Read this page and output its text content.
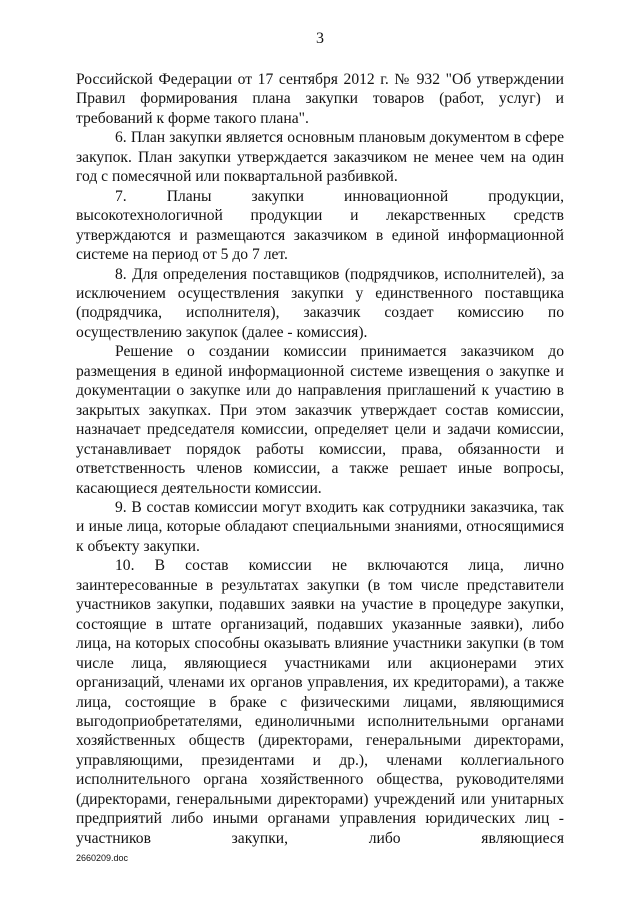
3

Российской Федерации от 17 сентября 2012 г. № 932 "Об утверждении Правил формирования плана закупки товаров (работ, услуг) и требований к форме такого плана".

6. План закупки является основным плановым документом в сфере закупок. План закупки утверждается заказчиком не менее чем на один год с помесячной или поквартальной разбивкой.

7. Планы закупки инновационной продукции, высокотехнологичной продукции и лекарственных средств утверждаются и размещаются заказчиком в единой информационной системе на период от 5 до 7 лет.

8. Для определения поставщиков (подрядчиков, исполнителей), за исключением осуществления закупки у единственного поставщика (подрядчика, исполнителя), заказчик создает комиссию по осуществлению закупок (далее - комиссия).

Решение о создании комиссии принимается заказчиком до размещения в единой информационной системе извещения о закупке и документации о закупке или до направления приглашений к участию в закрытых закупках. При этом заказчик утверждает состав комиссии, назначает председателя комиссии, определяет цели и задачи комиссии, устанавливает порядок работы комиссии, права, обязанности и ответственность членов комиссии, а также решает иные вопросы, касающиеся деятельности комиссии.

9. В состав комиссии могут входить как сотрудники заказчика, так и иные лица, которые обладают специальными знаниями, относящимися к объекту закупки.

10. В состав комиссии не включаются лица, лично заинтересованные в результатах закупки (в том числе представители участников закупки, подавших заявки на участие в процедуре закупки, состоящие в штате организаций, подавших указанные заявки), либо лица, на которых способны оказывать влияние участники закупки (в том числе лица, являющиеся участниками или акционерами этих организаций, членами их органов управления, их кредиторами), а также лица, состоящие в браке с физическими лицами, являющимися выгодоприобретателями, единоличными исполнительными органами хозяйственных обществ (директорами, генеральными директорами, управляющими, президентами и др.), членами коллегиального исполнительного органа хозяйственного общества, руководителями (директорами, генеральными директорами) учреждений или унитарных предприятий либо иными органами управления юридических лиц - участников закупки, либо являющиеся

2660209.doc
